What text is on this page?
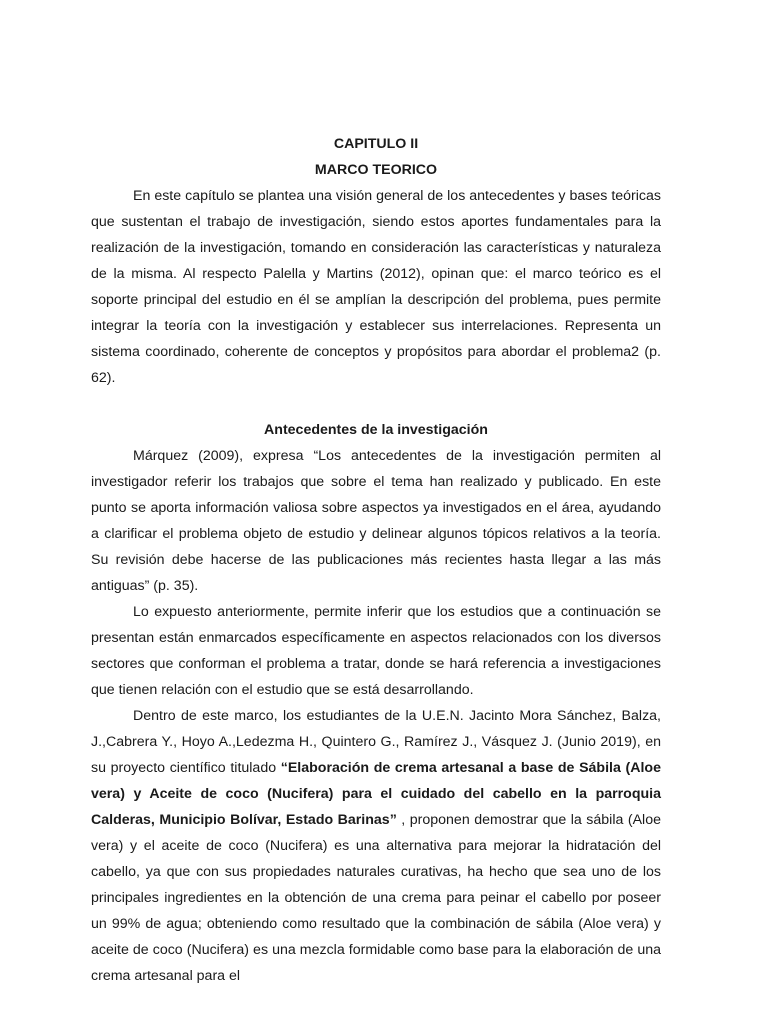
CAPITULO II

MARCO TEORICO

En este capítulo se plantea una visión general de los antecedentes y bases teóricas que sustentan el trabajo de investigación, siendo estos aportes fundamentales para la realización de la investigación, tomando en consideración las características y naturaleza de la misma. Al respecto Palella y Martins (2012), opinan que: el marco teórico es el soporte principal del estudio en él se amplían la descripción del problema, pues permite integrar la teoría con la investigación y establecer sus interrelaciones. Representa un sistema coordinado, coherente de conceptos y propósitos para abordar el problema2 (p. 62).

Antecedentes de la investigación

Márquez (2009), expresa “Los antecedentes de la investigación permiten al investigador referir los trabajos que sobre el tema han realizado y publicado. En este punto se aporta información valiosa sobre aspectos ya investigados en el área, ayudando a clarificar el problema objeto de estudio y delinear algunos tópicos relativos a la teoría. Su revisión debe hacerse de las publicaciones más recientes hasta llegar a las más antiguas” (p. 35).

Lo expuesto anteriormente, permite inferir que los estudios que a continuación se presentan están enmarcados específicamente en aspectos relacionados con los diversos sectores que conforman el problema a tratar, donde se hará referencia a investigaciones que tienen relación con el estudio que se está desarrollando.

Dentro de este marco, los estudiantes de la U.E.N. Jacinto Mora Sánchez, Balza, J.,Cabrera Y., Hoyo A.,Ledezma H., Quintero G., Ramírez J., Vásquez J. (Junio 2019), en su proyecto científico titulado “Elaboración de crema artesanal a base de Sábila (Aloe vera) y Aceite de coco (Nucifera) para el cuidado del cabello en la parroquia Calderas, Municipio Bolívar, Estado Barinas” , proponen demostrar que la sábila (Aloe vera) y el aceite de coco (Nucifera) es una alternativa para mejorar la hidratación del cabello, ya que con sus propiedades naturales curativas, ha hecho que sea uno de los principales ingredientes en la obtención de una crema para peinar el cabello por poseer un 99% de agua; obteniendo como resultado que la combinación de sábila (Aloe vera) y aceite de coco (Nucifera) es una mezcla formidable como base para la elaboración de una crema artesanal para el
